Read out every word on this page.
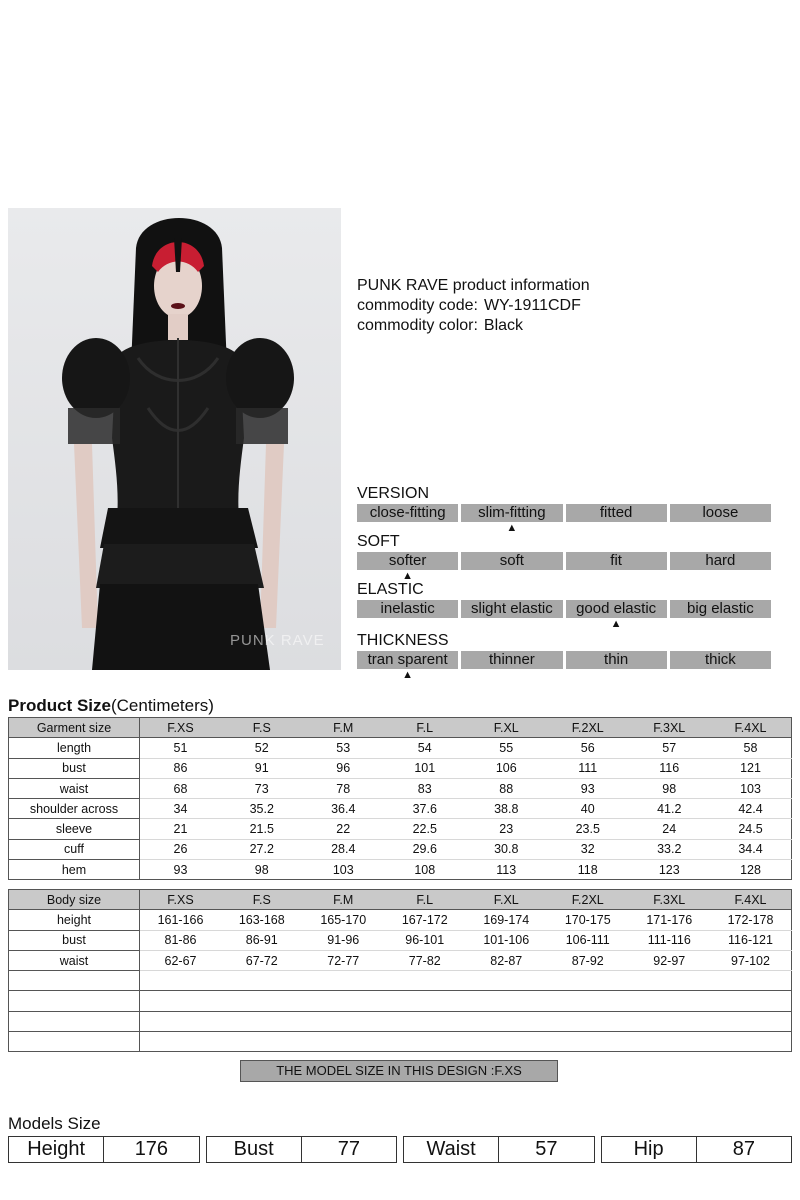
PUNK RAVE
PUNK RAVE product information
commodity code: WY-1911CDF
commodity color: Black
VERSION
close-fitting	slim-fitting	fitted	loose
▲
SOFT
softer	soft	fit	hard
▲
ELASTIC
inelastic	slight elastic	good elastic	big elastic
▲
THICKNESS
tran sparent	thinner	thin	thick
▲
Product Size(Centimeters)
Garment size	F.XS	F.S	F.M	F.L	F.XL	F.2XL	F.3XL	F.4XL
length	51	52	53	54	55	56	57	58
bust	86	91	96	101	106	111	116	121
waist	68	73	78	83	88	93	98	103
shoulder across	34	35.2	36.4	37.6	38.8	40	41.2	42.4
sleeve	21	21.5	22	22.5	23	23.5	24	24.5
cuff	26	27.2	28.4	29.6	30.8	32	33.2	34.4
hem	93	98	103	108	113	118	123	128
Body size	F.XS	F.S	F.M	F.L	F.XL	F.2XL	F.3XL	F.4XL
height	161-166	163-168	165-170	167-172	169-174	170-175	171-176	172-178
bust	81-86	86-91	91-96	96-101	101-106	106-111	111-116	116-121
waist	62-67	67-72	72-77	77-82	82-87	87-92	92-97	97-102

THE MODEL SIZE IN THIS DESIGN :F.XS
Models Size
Height	176	Bust	77	Waist	57	Hip	87
